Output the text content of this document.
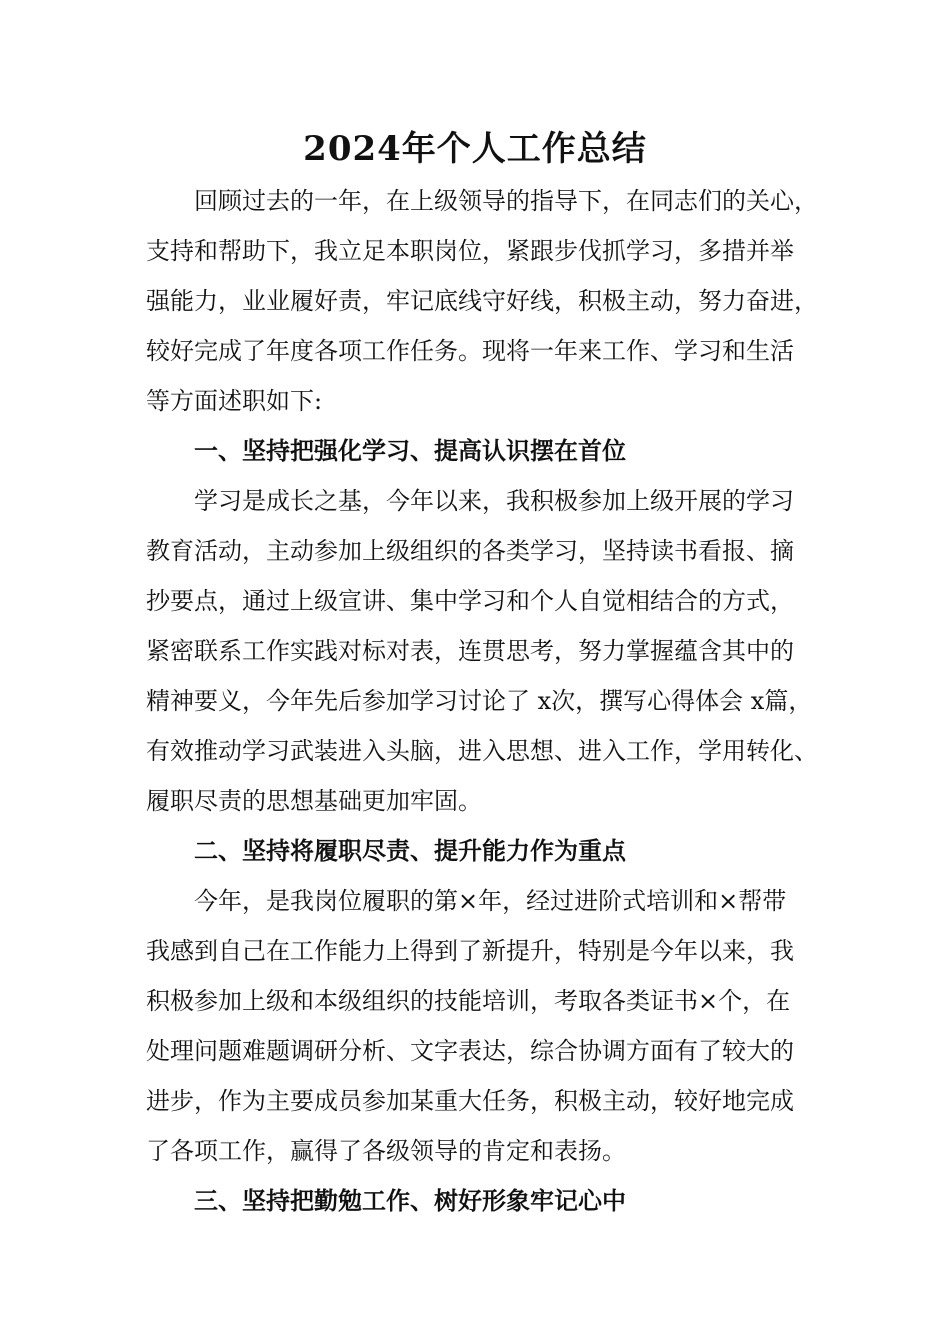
2024年个人工作总结
回顾过去的一年，在上级领导的指导下，在同志们的关心，
支持和帮助下，我立足本职岗位，紧跟步伐抓学习，多措并举
强能力，业业履好责，牢记底线守好线，积极主动，努力奋进，
较好完成了年度各项工作任务。现将一年来工作、学习和生活
等方面述职如下:
一、坚持把强化学习、提高认识摆在首位
学习是成长之基，今年以来，我积极参加上级开展的学习
教育活动，主动参加上级组织的各类学习，坚持读书看报、摘
抄要点，通过上级宣讲、集中学习和个人自觉相结合的方式，
紧密联系工作实践对标对表，连贯思考，努力掌握蕴含其中的
精神要义，今年先后参加学习讨论了 x次，撰写心得体会 x篇，
有效推动学习武装进入头脑，进入思想、进入工作，学用转化、
履职尽责的思想基础更加牢固。
二、坚持将履职尽责、提升能力作为重点
今年，是我岗位履职的第×年，经过进阶式培训和×帮带
我感到自己在工作能力上得到了新提升，特别是今年以来，我
积极参加上级和本级组织的技能培训，考取各类证书×个，在
处理问题难题调研分析、文字表达，综合协调方面有了较大的
进步，作为主要成员参加某重大任务，积极主动，较好地完成
了各项工作，赢得了各级领导的肯定和表扬。
三、坚持把勤勉工作、树好形象牢记心中
